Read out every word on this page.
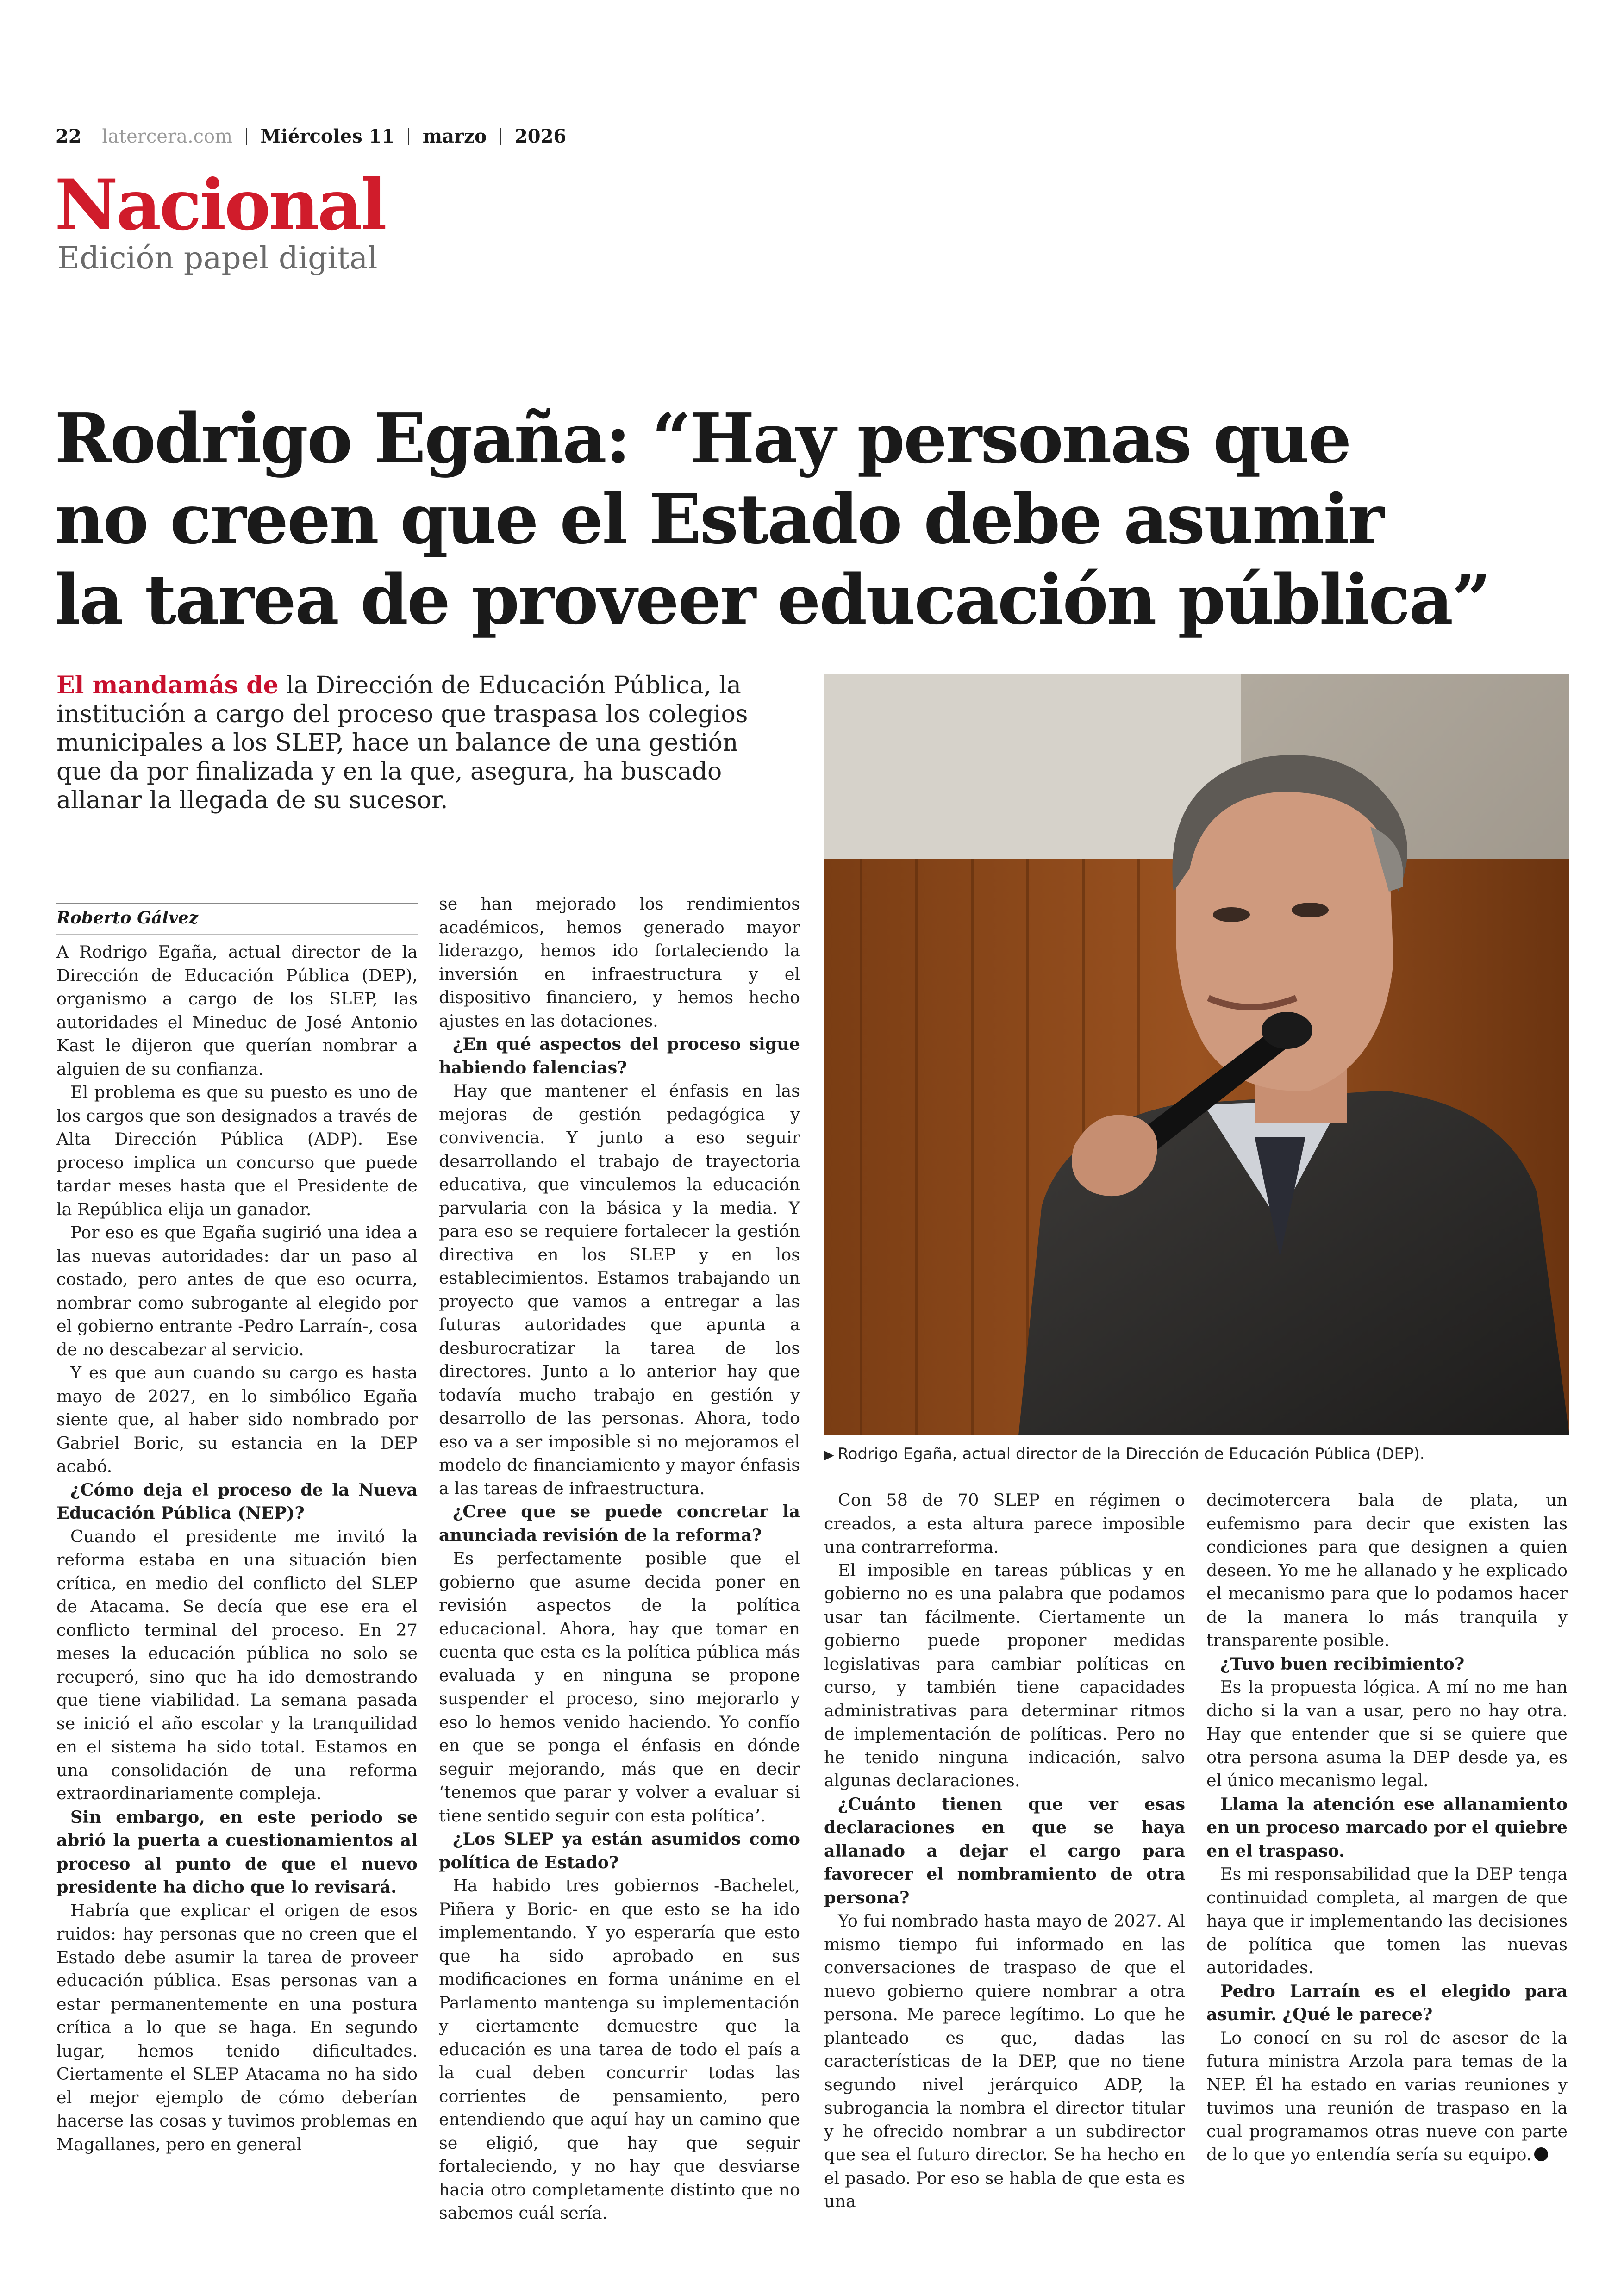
22 latercera.com Miércoles 11 marzo 2026
Nacional
Edición papel digital
Rodrigo Egaña: “Hay personas que
no creen que el Estado debe asumir
la tarea de proveer educación pública”
El mandamás de la Dirección de Educación Pública, la institución a cargo del proceso que traspasa los colegios municipales a los SLEP, hace un balance de una gestión que da por finalizada y en la que, asegura, ha buscado allanar la llegada de su sucesor.
▶ Rodrigo Egaña, actual director de la Dirección de Educación Pública (DEP).
Roberto Gálvez

A Rodrigo Egaña, actual director de la Dirección de Educación Pública (DEP), organismo a cargo de los SLEP, las autoridades el Mineduc de José Antonio Kast le dijeron que querían nombrar a alguien de su confianza.

El problema es que su puesto es uno de los cargos que son designados a través de Alta Dirección Pública (ADP). Ese proceso implica un concurso que puede tardar meses hasta que el Presidente de la República elija un ganador.

Por eso es que Egaña sugirió una idea a las nuevas autoridades: dar un paso al costado, pero antes de que eso ocurra, nombrar como subrogante al elegido por el gobierno entrante -Pedro Larraín-, cosa de no descabezar al servicio.

Y es que aun cuando su cargo es hasta mayo de 2027, en lo simbólico Egaña siente que, al haber sido nombrado por Gabriel Boric, su estancia en la DEP acabó.

¿Cómo deja el proceso de la Nueva Educación Pública (NEP)?

Cuando el presidente me invitó la reforma estaba en una situación bien crítica, en medio del conflicto del SLEP de Atacama. Se decía que ese era el conflicto terminal del proceso. En 27 meses la educación pública no solo se recuperó, sino que ha ido demostrando que tiene viabilidad. La semana pasada se inició el año escolar y la tranquilidad en el sistema ha sido total. Estamos en una consolidación de una reforma extraordinariamente compleja.

Sin embargo, en este periodo se abrió la puerta a cuestionamientos al proceso al punto de que el nuevo presidente ha dicho que lo revisará.

Habría que explicar el origen de esos ruidos: hay personas que no creen que el Estado debe asumir la tarea de proveer educación pública. Esas personas van a estar permanentemente en una postura crítica a lo que se haga. En segundo lugar, hemos tenido dificultades. Ciertamente el SLEP Atacama no ha sido el mejor ejemplo de cómo deberían hacerse las cosas y tuvimos problemas en Magallanes, pero en general

se han mejorado los rendimientos académicos, hemos generado mayor liderazgo, hemos ido fortaleciendo la inversión en infraestructura y el dispositivo financiero, y hemos hecho ajustes en las dotaciones.

¿En qué aspectos del proceso sigue habiendo falencias?

Hay que mantener el énfasis en las mejoras de gestión pedagógica y convivencia. Y junto a eso seguir desarrollando el trabajo de trayectoria educativa, que vinculemos la educación parvularia con la básica y la media. Y para eso se requiere fortalecer la gestión directiva en los SLEP y en los establecimientos. Estamos trabajando un proyecto que vamos a entregar a las futuras autoridades que apunta a desburocratizar la tarea de los directores. Junto a lo anterior hay que todavía mucho trabajo en gestión y desarrollo de las personas. Ahora, todo eso va a ser imposible si no mejoramos el modelo de financiamiento y mayor énfasis a las tareas de infraestructura.

¿Cree que se puede concretar la anunciada revisión de la reforma?

Es perfectamente posible que el gobierno que asume decida poner en revisión aspectos de la política educacional. Ahora, hay que tomar en cuenta que esta es la política pública más evaluada y en ninguna se propone suspender el proceso, sino mejorarlo y eso lo hemos venido haciendo. Yo confío en que se ponga el énfasis en dónde seguir mejorando, más que en decir ‘tenemos que parar y volver a evaluar si tiene sentido seguir con esta política’.

¿Los SLEP ya están asumidos como política de Estado?

Ha habido tres gobiernos -Bachelet, Piñera y Boric- en que esto se ha ido implementando. Y yo esperaría que esto que ha sido aprobado en sus modificaciones en forma unánime en el Parlamento mantenga su implementación y ciertamente demuestre que la educación es una tarea de todo el país a la cual deben concurrir todas las corrientes de pensamiento, pero entendiendo que aquí hay un camino que se eligió, que hay que seguir fortaleciendo, y no hay que desviarse hacia otro completamente distinto que no sabemos cuál sería.

Con 58 de 70 SLEP en régimen o creados, a esta altura parece imposible una contrarreforma.

El imposible en tareas públicas y en gobierno no es una palabra que podamos usar tan fácilmente. Ciertamente un gobierno puede proponer medidas legislativas para cambiar políticas en curso, y también tiene capacidades administrativas para determinar ritmos de implementación de políticas. Pero no he tenido ninguna indicación, salvo algunas declaraciones.

¿Cuánto tienen que ver esas declaraciones en que se haya allanado a dejar el cargo para favorecer el nombramiento de otra persona?

Yo fui nombrado hasta mayo de 2027. Al mismo tiempo fui informado en las conversaciones de traspaso de que el nuevo gobierno quiere nombrar a otra persona. Me parece legítimo. Lo que he planteado es que, dadas las características de la DEP, que no tiene segundo nivel jerárquico ADP, la subrogancia la nombra el director titular y he ofrecido nombrar a un subdirector que sea el futuro director. Se ha hecho en el pasado. Por eso se habla de que esta es una

decimotercera bala de plata, un eufemismo para decir que existen las condiciones para que designen a quien deseen. Yo me he allanado y he explicado el mecanismo para que lo podamos hacer de la manera lo más tranquila y transparente posible.

¿Tuvo buen recibimiento?

Es la propuesta lógica. A mí no me han dicho si la van a usar, pero no hay otra. Hay que entender que si se quiere que otra persona asuma la DEP desde ya, es el único mecanismo legal.

Llama la atención ese allanamiento en un proceso marcado por el quiebre en el traspaso.

Es mi responsabilidad que la DEP tenga continuidad completa, al margen de que haya que ir implementando las decisiones de política que tomen las nuevas autoridades.

Pedro Larraín es el elegido para asumir. ¿Qué le parece?

Lo conocí en su rol de asesor de la futura ministra Arzola para temas de la NEP. Él ha estado en varias reuniones y tuvimos una reunión de traspaso en la cual programamos otras nueve con parte de lo que yo entendía sería su equipo.
